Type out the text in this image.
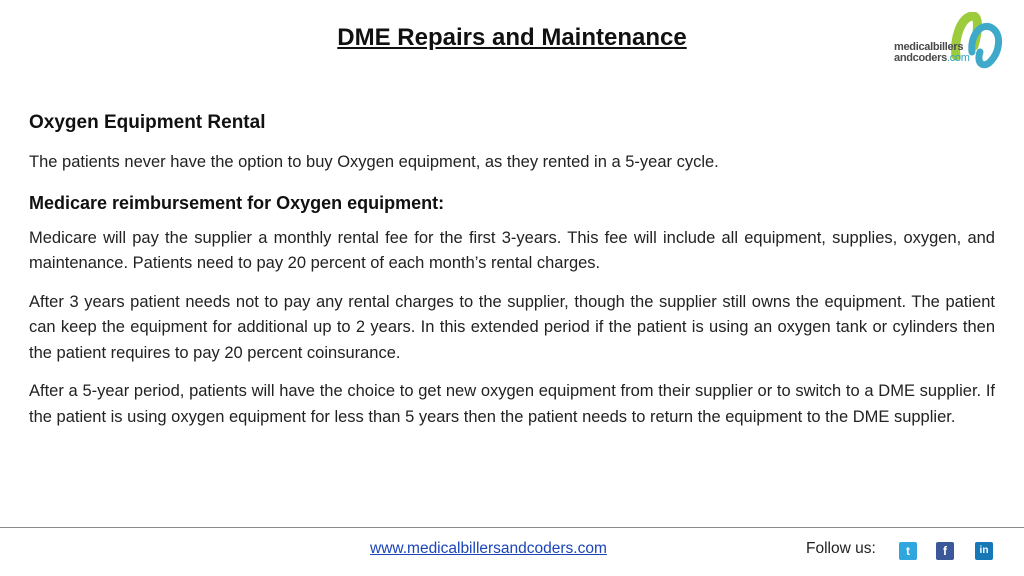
DME Repairs and Maintenance	medicalbillers
andcoders.com
Oxygen Equipment Rental

The patients never have the option to buy Oxygen equipment, as they rented in a 5-year cycle.

Medicare reimbursement for Oxygen equipment:

Medicare will pay the supplier a monthly rental fee for the first 3-years. This fee will include all equipment, supplies, oxygen, and maintenance. Patients need to pay 20 percent of each month’s rental charges.

After 3 years patient needs not to pay any rental charges to the supplier, though the supplier still owns the equipment. The patient can keep the equipment for additional up to 2 years. In this extended period if the patient is using an oxygen tank or cylinders then the patient requires to pay 20 percent coinsurance.

After a 5-year period, patients will have the choice to get new oxygen equipment from their supplier or to switch to a DME supplier. If the patient is using oxygen equipment for less than 5 years then the patient needs to return the equipment to the DME supplier.

www.medicalbillersandcoders.com	Follow us:	t	f	in
